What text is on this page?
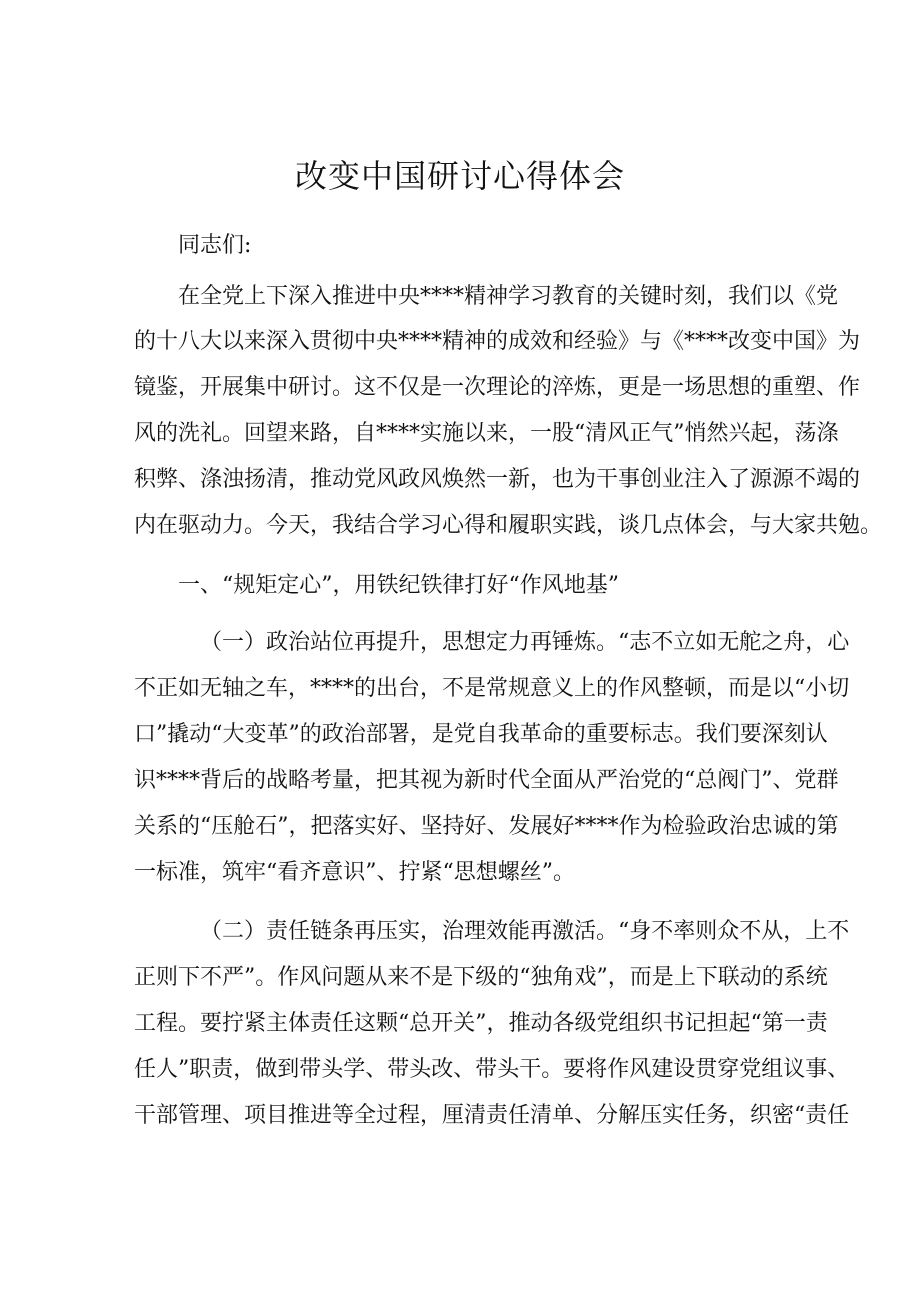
改变中国研讨心得体会
同志们:
在全党上下深入推进中央****精神学习教育的关键时刻，我们以《党
的十八大以来深入贯彻中央****精神的成效和经验》与《****改变中国》为
镜鉴，开展集中研讨。这不仅是一次理论的淬炼，更是一场思想的重塑、作
风的洗礼。回望来路，自****实施以来，一股“清风正气”悄然兴起，荡涤
积弊、涤浊扬清，推动党风政风焕然一新，也为干事创业注入了源源不竭的
内在驱动力。今天，我结合学习心得和履职实践，谈几点体会，与大家共勉。
一、“规矩定心”，用铁纪铁律打好“作风地基”
（一）政治站位再提升，思想定力再锤炼。“志不立如无舵之舟，心
不正如无轴之车，****的出台，不是常规意义上的作风整顿，而是以“小切
口”撬动“大变革”的政治部署，是党自我革命的重要标志。我们要深刻认
识****背后的战略考量，把其视为新时代全面从严治党的“总阀门”、党群
关系的“压舱石”，把落实好、坚持好、发展好****作为检验政治忠诚的第
一标准，筑牢“看齐意识”、拧紧“思想螺丝”。
（二）责任链条再压实，治理效能再激活。“身不率则众不从，上不
正则下不严”。作风问题从来不是下级的“独角戏”，而是上下联动的系统
工程。要拧紧主体责任这颗“总开关”，推动各级党组织书记担起“第一责
任人”职责，做到带头学、带头改、带头干。要将作风建设贯穿党组议事、
干部管理、项目推进等全过程，厘清责任清单、分解压实任务，织密“责任
